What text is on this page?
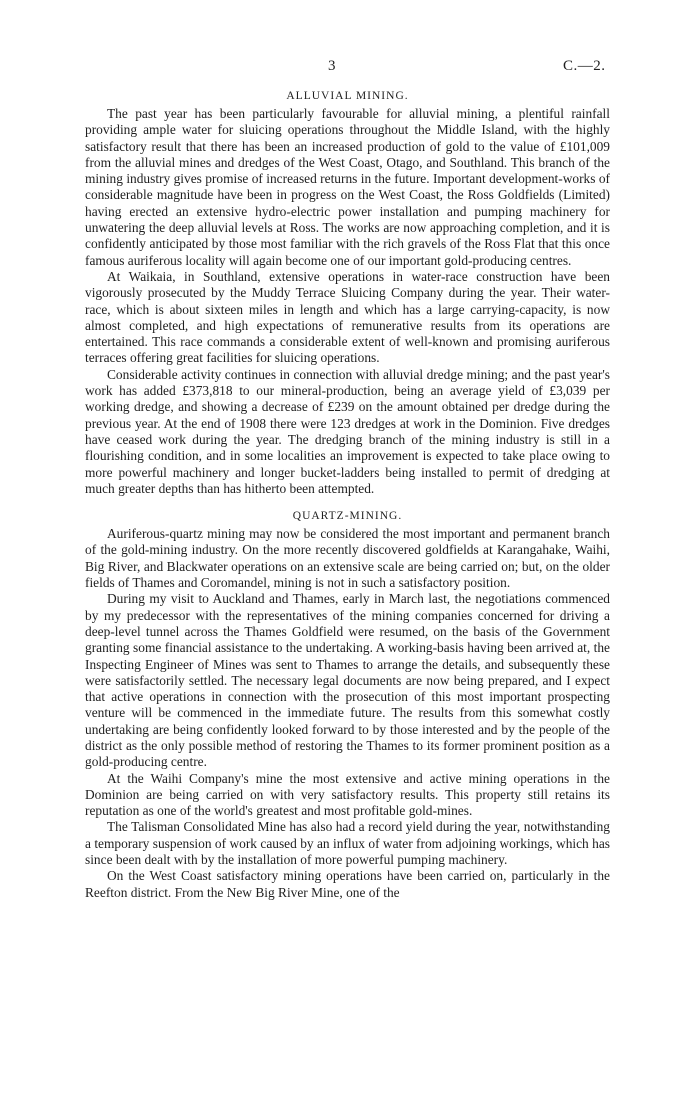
3	C.—2.
ALLUVIAL MINING.

The past year has been particularly favourable for alluvial mining, a plentiful rainfall providing ample water for sluicing operations throughout the Middle Island, with the highly satisfactory result that there has been an increased production of gold to the value of £101,009 from the alluvial mines and dredges of the West Coast, Otago, and Southland. This branch of the mining industry gives promise of increased returns in the future. Important development-works of considerable magnitude have been in progress on the West Coast, the Ross Goldfields (Limited) having erected an extensive hydro-electric power installation and pumping machinery for unwatering the deep alluvial levels at Ross. The works are now approaching completion, and it is confidently anticipated by those most familiar with the rich gravels of the Ross Flat that this once famous auriferous locality will again become one of our important gold-producing centres.

At Waikaia, in Southland, extensive operations in water-race construction have been vigorously prosecuted by the Muddy Terrace Sluicing Company during the year. Their water-race, which is about sixteen miles in length and which has a large carrying-capacity, is now almost completed, and high expectations of remunerative results from its operations are entertained. This race commands a considerable extent of well-known and promising auriferous terraces offering great facilities for sluicing operations.

Considerable activity continues in connection with alluvial dredge mining; and the past year's work has added £373,818 to our mineral-production, being an average yield of £3,039 per working dredge, and showing a decrease of £239 on the amount obtained per dredge during the previous year. At the end of 1908 there were 123 dredges at work in the Dominion. Five dredges have ceased work during the year. The dredging branch of the mining industry is still in a flourishing condition, and in some localities an improvement is expected to take place owing to more powerful machinery and longer bucket-ladders being installed to permit of dredging at much greater depths than has hitherto been attempted.

QUARTZ-MINING.

Auriferous-quartz mining may now be considered the most important and permanent branch of the gold-mining industry. On the more recently discovered goldfields at Karangahake, Waihi, Big River, and Blackwater operations on an extensive scale are being carried on; but, on the older fields of Thames and Coromandel, mining is not in such a satisfactory position.

During my visit to Auckland and Thames, early in March last, the negotiations commenced by my predecessor with the representatives of the mining companies concerned for driving a deep-level tunnel across the Thames Goldfield were resumed, on the basis of the Government granting some financial assistance to the undertaking. A working-basis having been arrived at, the Inspecting Engineer of Mines was sent to Thames to arrange the details, and subsequently these were satisfactorily settled. The necessary legal documents are now being prepared, and I expect that active operations in connection with the prosecution of this most important prospecting venture will be commenced in the immediate future. The results from this somewhat costly undertaking are being confidently looked forward to by those interested and by the people of the district as the only possible method of restoring the Thames to its former prominent position as a gold-producing centre.

At the Waihi Company's mine the most extensive and active mining operations in the Dominion are being carried on with very satisfactory results. This property still retains its reputation as one of the world's greatest and most profitable gold-mines.

The Talisman Consolidated Mine has also had a record yield during the year, notwithstanding a temporary suspension of work caused by an influx of water from adjoining workings, which has since been dealt with by the installation of more powerful pumping machinery.

On the West Coast satisfactory mining operations have been carried on, particularly in the Reefton district. From the New Big River Mine, one of the
